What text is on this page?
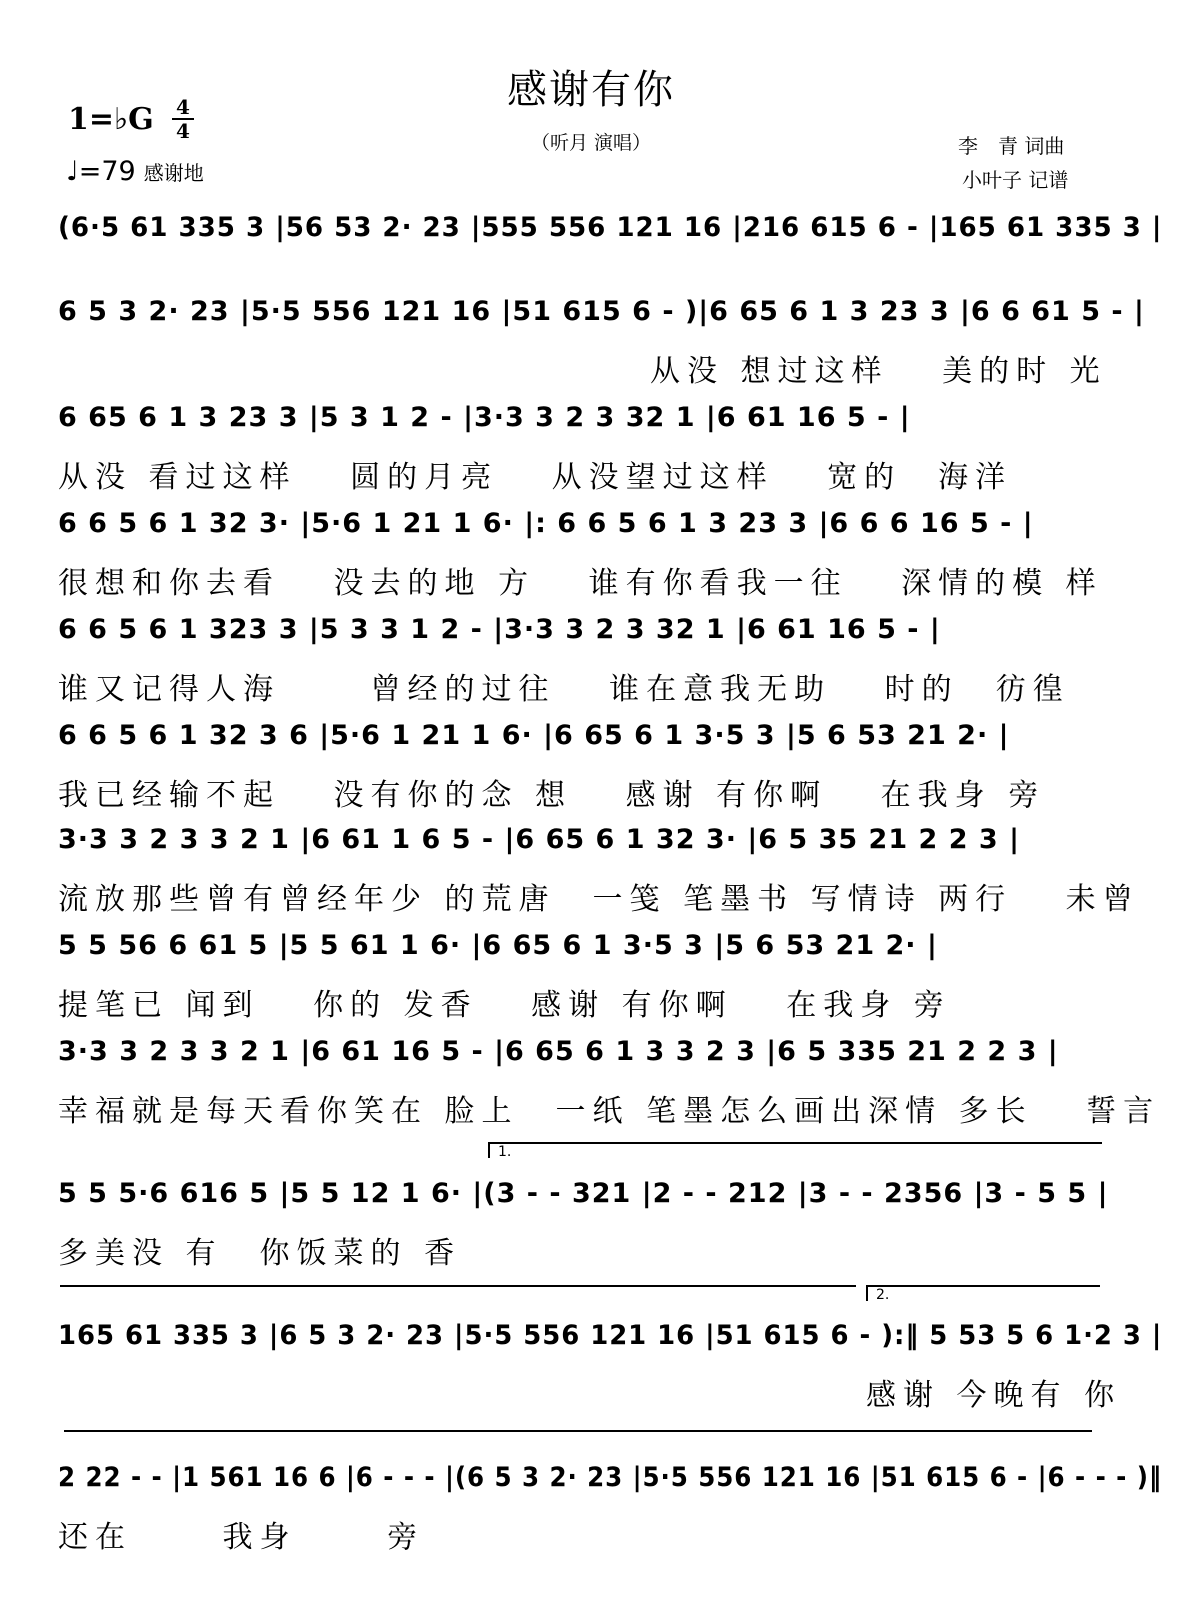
感谢有你
（听月 演唱）
1=♭G $\frac{4}{4}$
♩=79 感谢地
李　青 词曲
小叶子 记谱
(6·5 61 335 3 |56 53 2· 23 |555 556 121 16 |216 615 6 - |165 61 335 3 |
6 5 3 2· 23 |5·5 556 121 16 |51 615 6 - )|6 65 6 1 3 23 3 |6 6 61 5 - |
从没 想过这样　 美的时 光
6 65 6 1 3 23 3 |5 3 1 2 - |3·3 3 2 3 32 1 |6 61 16 5 - |
从没 看过这样　 圆的月亮　 从没望过这样　 宽的　海洋
6 6 5 6 1 32 3· |5·6 1 21 1 6· |: 6 6 5 6 1 3 23 3 |6 6 6 16 5 - |
很想和你去看　 没去的地 方　 谁有你看我一往　 深情的模 样
6 6 5 6 1 323 3 |5 3 3 1 2 - |3·3 3 2 3 32 1 |6 61 16 5 - |
谁又记得人海　　 曾经的过往　 谁在意我无助　 时的　彷徨
6 6 5 6 1 32 3 6 |5·6 1 21 1 6· |6 65 6 1 3·5 3 |5 6 53 21 2· |
我已经输不起　 没有你的念 想　 感谢 有你啊　 在我身 旁
3·3 3 2 3 3 2 1 |6 61 1 6 5 - |6 65 6 1 32 3· |6 5 35 21 2 2 3 |
流放那些曾有曾经年少 的荒唐　一笺 笔墨书 写情诗 两行　 未曾
5 5 56 6 61 5 |5 5 61 1 6· |6 65 6 1 3·5 3 |5 6 53 21 2· |
提笔已 闻到　 你的 发香　 感谢 有你啊　 在我身 旁
3·3 3 2 3 3 2 1 |6 61 16 5 - |6 65 6 1 3 3 2 3 |6 5 335 21 2 2 3 |
幸福就是每天看你笑在 脸上　一纸 笔墨怎么画出深情 多长　 誓言
1.
5 5 5·6 616 5 |5 5 12 1 6· |(3 - - 321 |2 - - 212 |3 - - 2356 |3 - 5 5 |
多美没 有　你饭菜的 香
2.
165 61 335 3 |6 5 3 2· 23 |5·5 556 121 16 |51 615 6 - ):‖ 5 53 5 6 1·2 3 |
感谢 今晚有 你
2 22 - - |1 561 16 6 |6 - - - |(6 5 3 2· 23 |5·5 556 121 16 |51 615 6 - |6 - - - )‖
还在　　 我身　　 旁
